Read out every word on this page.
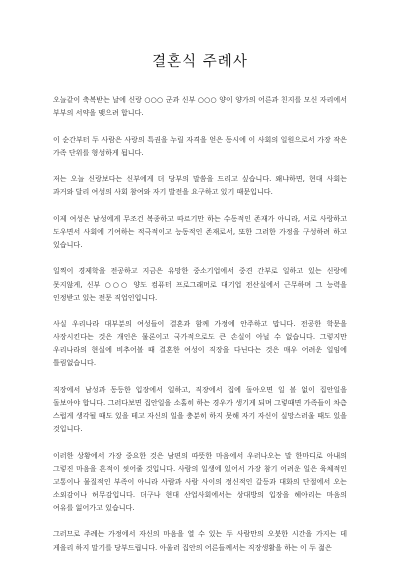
결혼식 주례사

오늘같이 축복받는 날에 신랑 ○○○ 군과 신부 ○○○ 양이 양가의 어른과 친지를 모신 자리에서 부부의 서약을 맺으려 합니다.

이 순간부터 두 사람은 사랑의 특권을 누릴 자격을 얻은 동시에 이 사회의 일원으로서 가장 작은 가족 단위를 형성하게 됩니다.

저는 오늘 신랑보다는 신부에게 더 당부의 말씀을 드리고 싶습니다. 왜냐하면, 현대 사회는 과거와 달리 여성의 사회 참여와 자기 발전을 요구하고 있기 때문입니다.

이제 여성은 남성에게 무조건 복종하고 따르기만 하는 수동적인 존재가 아니라, 서로 사랑하고 도우면서 사회에 기여하는 적극적이고 능동적인 존재로서, 또한 그러한 가정을 구성하려 하고 있습니다.

일찍이 경제학을 전공하고 지금은 유망한 중소기업에서 중견 간부로 일하고 있는 신랑에 못지않게, 신부 ○○○ 양도 컴퓨터 프로그래머로 대기업 전산실에서 근무하며 그 능력을 인정받고 있는 전문 직업인입니다.

사실 우리나라 대부분의 여성들이 결혼과 함께 가정에 안주하고 맙니다. 전공한 학문을 사장시킨다는 것은 개인은 물론이고 국가적으로도 큰 손실이 아닐 수 없습니다. 그렇지만 우리나라의 현실에 비추어볼 때 결혼한 여성이 직장을 다닌다는 것은 매우 어려운 일임에 틀림없습니다.

직장에서 남성과 동등한 입장에서 일하고, 직장에서 집에 돌아오면 일 볼 없이 집안일을 돌보아야 합니다. 그러다보면 집안일을 소홀히 하는 경우가 생기게 되며 그렇때면 가족들이 차츰 스럽게 생각될 때도 있을 테고 자신의 일을 충분히 하지 못해 자기 자신이 실망스러울 때도 있을 것입니다.

이러한 상황에서 가장 중요한 것은 남편의 따뜻한 마음에서 우러나오는 말 한마디로 아내의 그렇진 마음을 흔적이 씻어줄 것입니다. 사람의 일생에 있어서 가장 참기 어려운 일은 육체적인 고통이나 물질적인 부족이 아니라 사람과 사람 사이의 정신적인 갈등과 대화의 단절에서 오는 소외감이나 허무감입니다. 더구나 현대 산업사회에서는 상대방의 입장을 헤아리는 마음의 여유를 잃어가고 있습니다.

그러므로 주례는 가정에서 자신의 마음을 열 수 있는 두 사람만의 오붓한 시간을 가지는 데 게을리 하지 말기를 당부드립니다. 아울러 집안의 어른들께서는 직장생활을 하는 이 두 젊은
